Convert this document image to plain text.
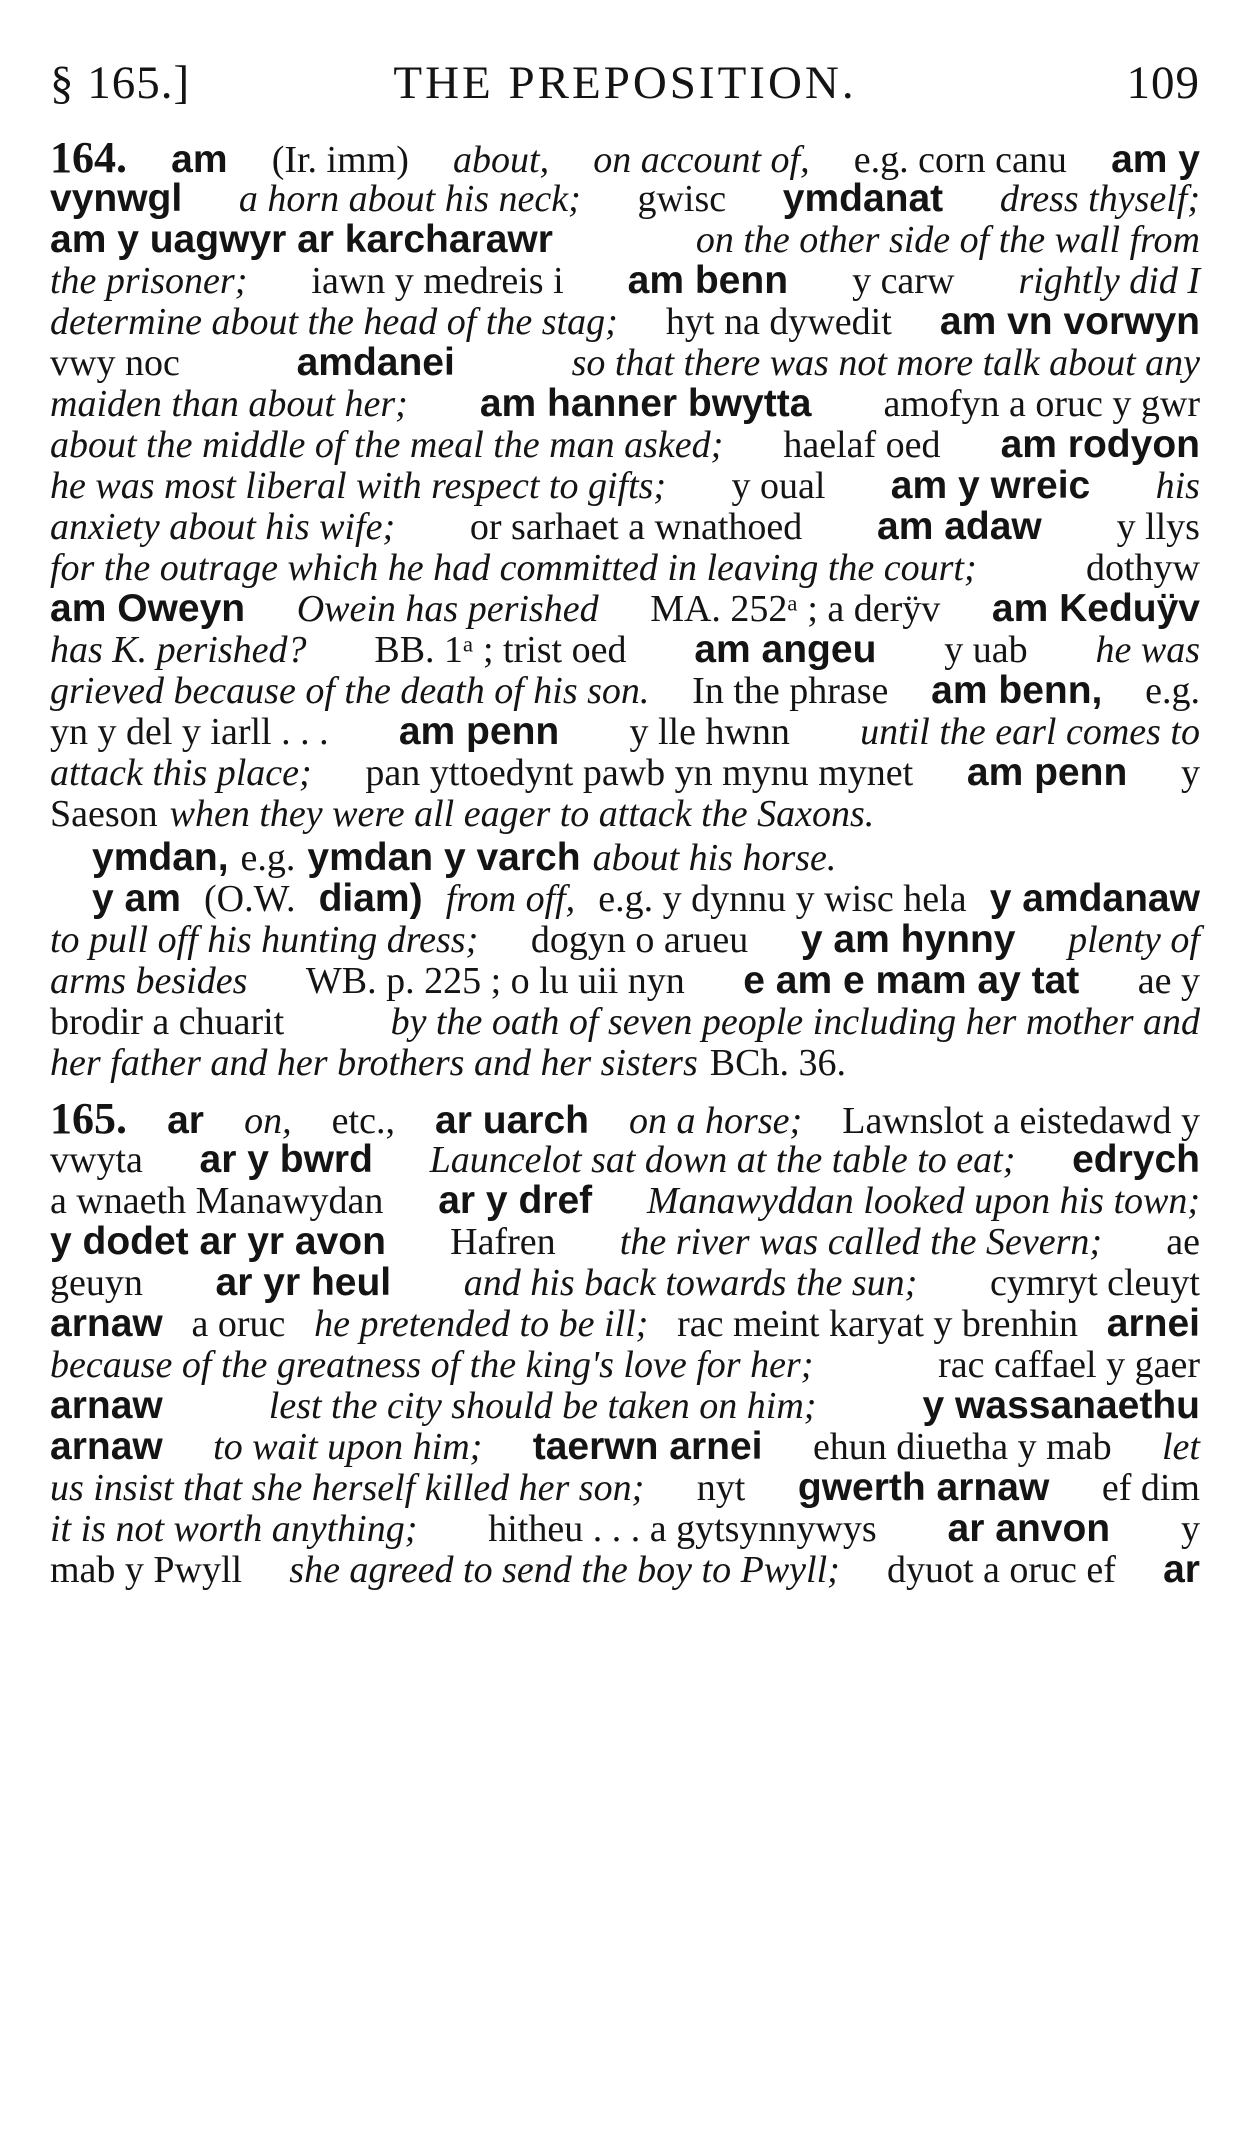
§ 165.]	THE PREPOSITION.	109
164. am (Ir. imm) about, on account of, e.g. corn canu am y
vynwgl a horn about his neck; gwisc ymdanat dress thyself;
am y uagwyr ar karcharawr	on the other side of the wall from
the prisoner; iawn y medreis i am benn y carw rightly did I
determine about the head of the stag; hyt na dywedit am vn vorwyn
vwy noc	amdanei	so that there was not more talk about any
maiden than about her; am hanner bwytta amofyn a oruc y gwr
about the middle of the meal the man asked; haelaf oed am rodyon
he was most liberal with respect to gifts; y oual am y wreic his
anxiety about his wife; or sarhaet a wnathoed am adaw y llys
for the outrage which he had committed in leaving the court;	dothyw
am Oweyn Owein has perished MA. 252ᵃ ; a derÿv am Keduÿv
has K. perished? BB. 1ᵃ ; trist oed am angeu y uab he was
grieved because of the death of his son. In the phrase am benn, e.g.
yn y del y iarll . . . am penn y lle hwnn until the earl comes to
attack this place; pan yttoedynt pawb yn mynu mynet am penn y
Saeson when they were all eager to attack the Saxons.
ymdan, e.g. ymdan y varch about his horse.
y am (O.W. diam) from off, e.g. y dynnu y wisc hela y amdanaw
to pull off his hunting dress; dogyn o arueu y am hynny plenty of
arms besides WB. p. 225 ; o lu uii nyn e am e mam ay tat ae y
brodir a chuarit	by the oath of seven people including her mother and
her father and her brothers and her sisters BCh. 36.
165. ar on, etc., ar uarch on a horse; Lawnslot a eistedawd y
vwyta ar y bwrd Launcelot sat down at the table to eat; edrych
a wnaeth Manawydan ar y dref Manawyddan looked upon his town;
y dodet ar yr avon Hafren the river was called the Severn; ae
geuyn ar yr heul and his back towards the sun; cymryt cleuyt
arnaw a oruc he pretended to be ill; rac meint karyat y brenhin arnei
because of the greatness of the king's love for her;	rac caffael y gaer
arnaw	lest the city should be taken on him;	y wassanaethu
arnaw to wait upon him; taerwn arnei ehun diuetha y mab let
us insist that she herself killed her son; nyt gwerth arnaw ef dim
it is not worth anything; hitheu . . . a gytsynnywys ar anvon y
mab y Pwyll she agreed to send the boy to Pwyll; dyuot a oruc ef ar
